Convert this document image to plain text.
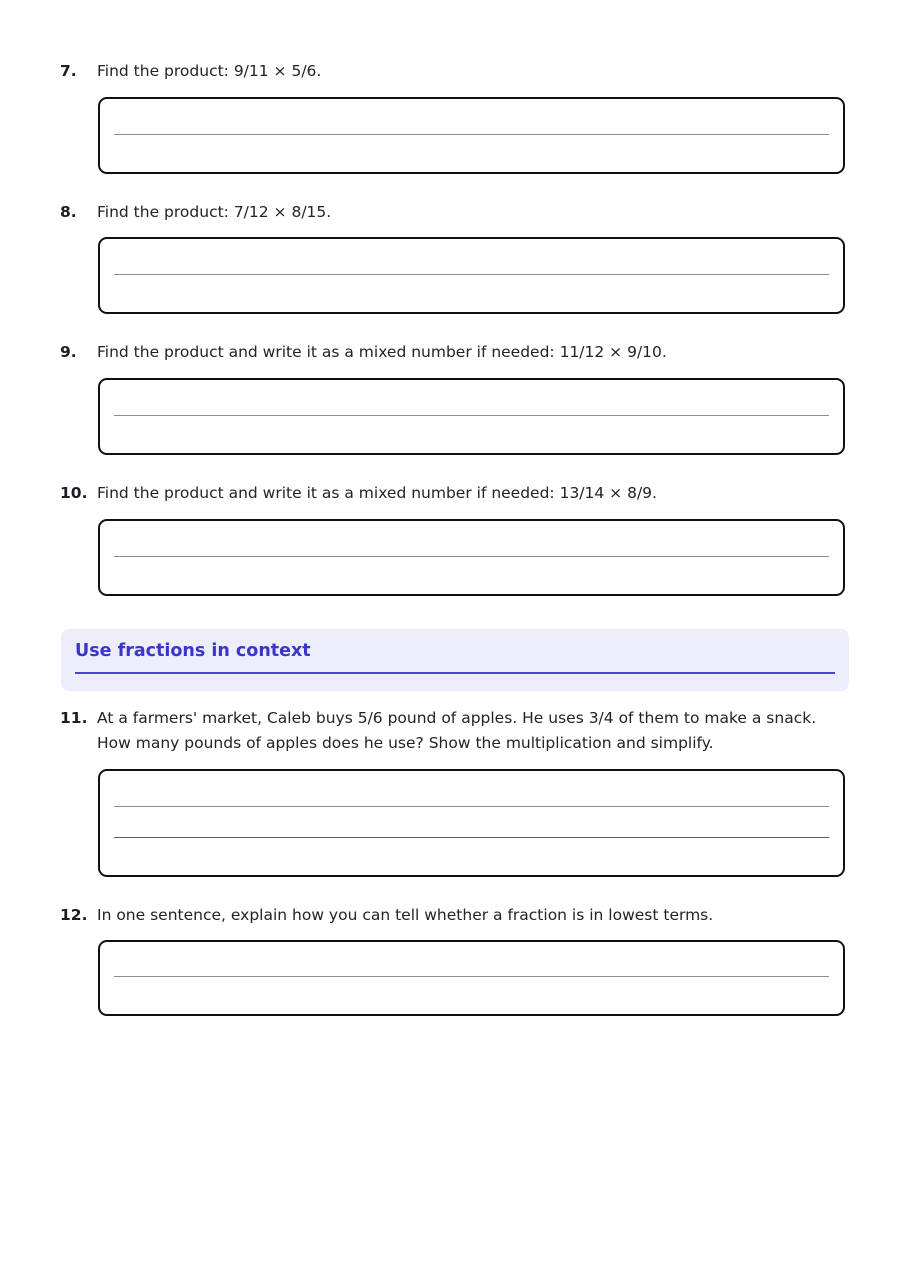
7.	Find the product: 9/11 × 5/6.
8.	Find the product: 7/12 × 8/15.
9.	Find the product and write it as a mixed number if needed: 11/12 × 9/10.
10. Find the product and write it as a mixed number if needed: 13/14 × 8/9.
Use fractions in context
11. At a farmers' market, Caleb buys 5/6 pound of apples. He uses 3/4 of them to make a snack. How many pounds of apples does he use? Show the multiplication and simplify.
12. In one sentence, explain how you can tell whether a fraction is in lowest terms.
